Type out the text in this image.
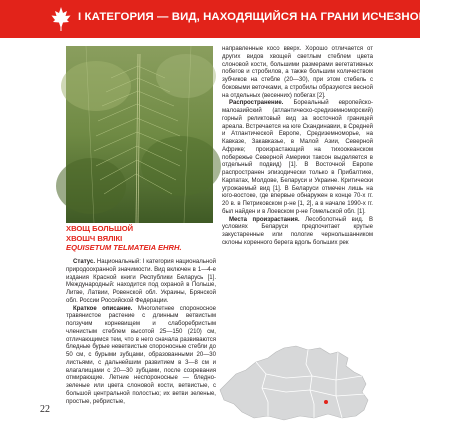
I КАТЕГОРИЯ — ВИД, НАХОДЯЩИЙСЯ НА ГРАНИ ИСЧЕЗНОВЕНИЯ
ХВОЩ БОЛЬШОЙ
ХВОШЧ ВЯЛІКІ
EQUISETUM TELMATEIA EHRH.

Статус. Национальный: I категория национальной природоохранной значимости. Вид включен в 1—4-е издания Красной книги Республики Беларусь [1]. Международный: находится под охраной в Польше, Литве, Латвии, Ровенской обл. Украины, Брянской обл. России Российской Федерации.

Краткое описание. Многолетнее спороносное травянистое растение с длинным ветвистым ползучим корневищем и слаборебристым членистым стеблем высотой 25—150 (210) см, отличающимся тем, что в него сначала развиваются бледные бурые неветвистые спороносные стебли до 50 см, с бурыми зубцами, образованными 20—30 листьями, с дальнейшим развитием в 3—8 см и влагалищами с 20—30 зубцами, после созревания отмирающие. Летние неспороносные — бледно-зеленые или цвета слоновой кости, ветвистые, с большой центральной полостью; их ветви зеленые, простые, ребристые,

направленные косо вверх. Хорошо отличается от других видов хвощей светлым стеблем цвета слоновой кости, большими размерами вегетативных побегов и стробилов, а также большим количеством зубчиков на стебле (20—30), при этом стебель с боковыми веточками, а стробилы образуются весной на отдельных (весенних) побегах [2].

Распространение. Бореальный европейско-малоазийский (атлантическо-средиземноморский) горный реликтовый вид за восточной границей ареала. Встречается на юге Скандинавии, в Средней и Атлантической Европе, Средиземноморье, на Кавказе, Закавказье, в Малой Азии, Северной Африке; произрастающий на тихоокеанском побережье Северной Америки таксон выделяется в отдельный подвид) [1]. В Восточной Европе распространен эпизодически только в Прибалтике, Карпатах, Молдове, Беларуси и Украине. Критически угрожаемый вид [1]. В Беларуси отмечен лишь на юго-востоке, где впервые обнаружен в конце 70-х гг. 20 в. в Петриковском р-не [1, 2], а в начале 1990-х гг. был найден и в Лоевском р-не Гомельской обл. [1].

Места произрастания. Лесоболотный вид. В условиях Беларуси предпочитает крутые закустаренные или пологие чернольшанником склоны коренного берега вдоль больших рек

22
